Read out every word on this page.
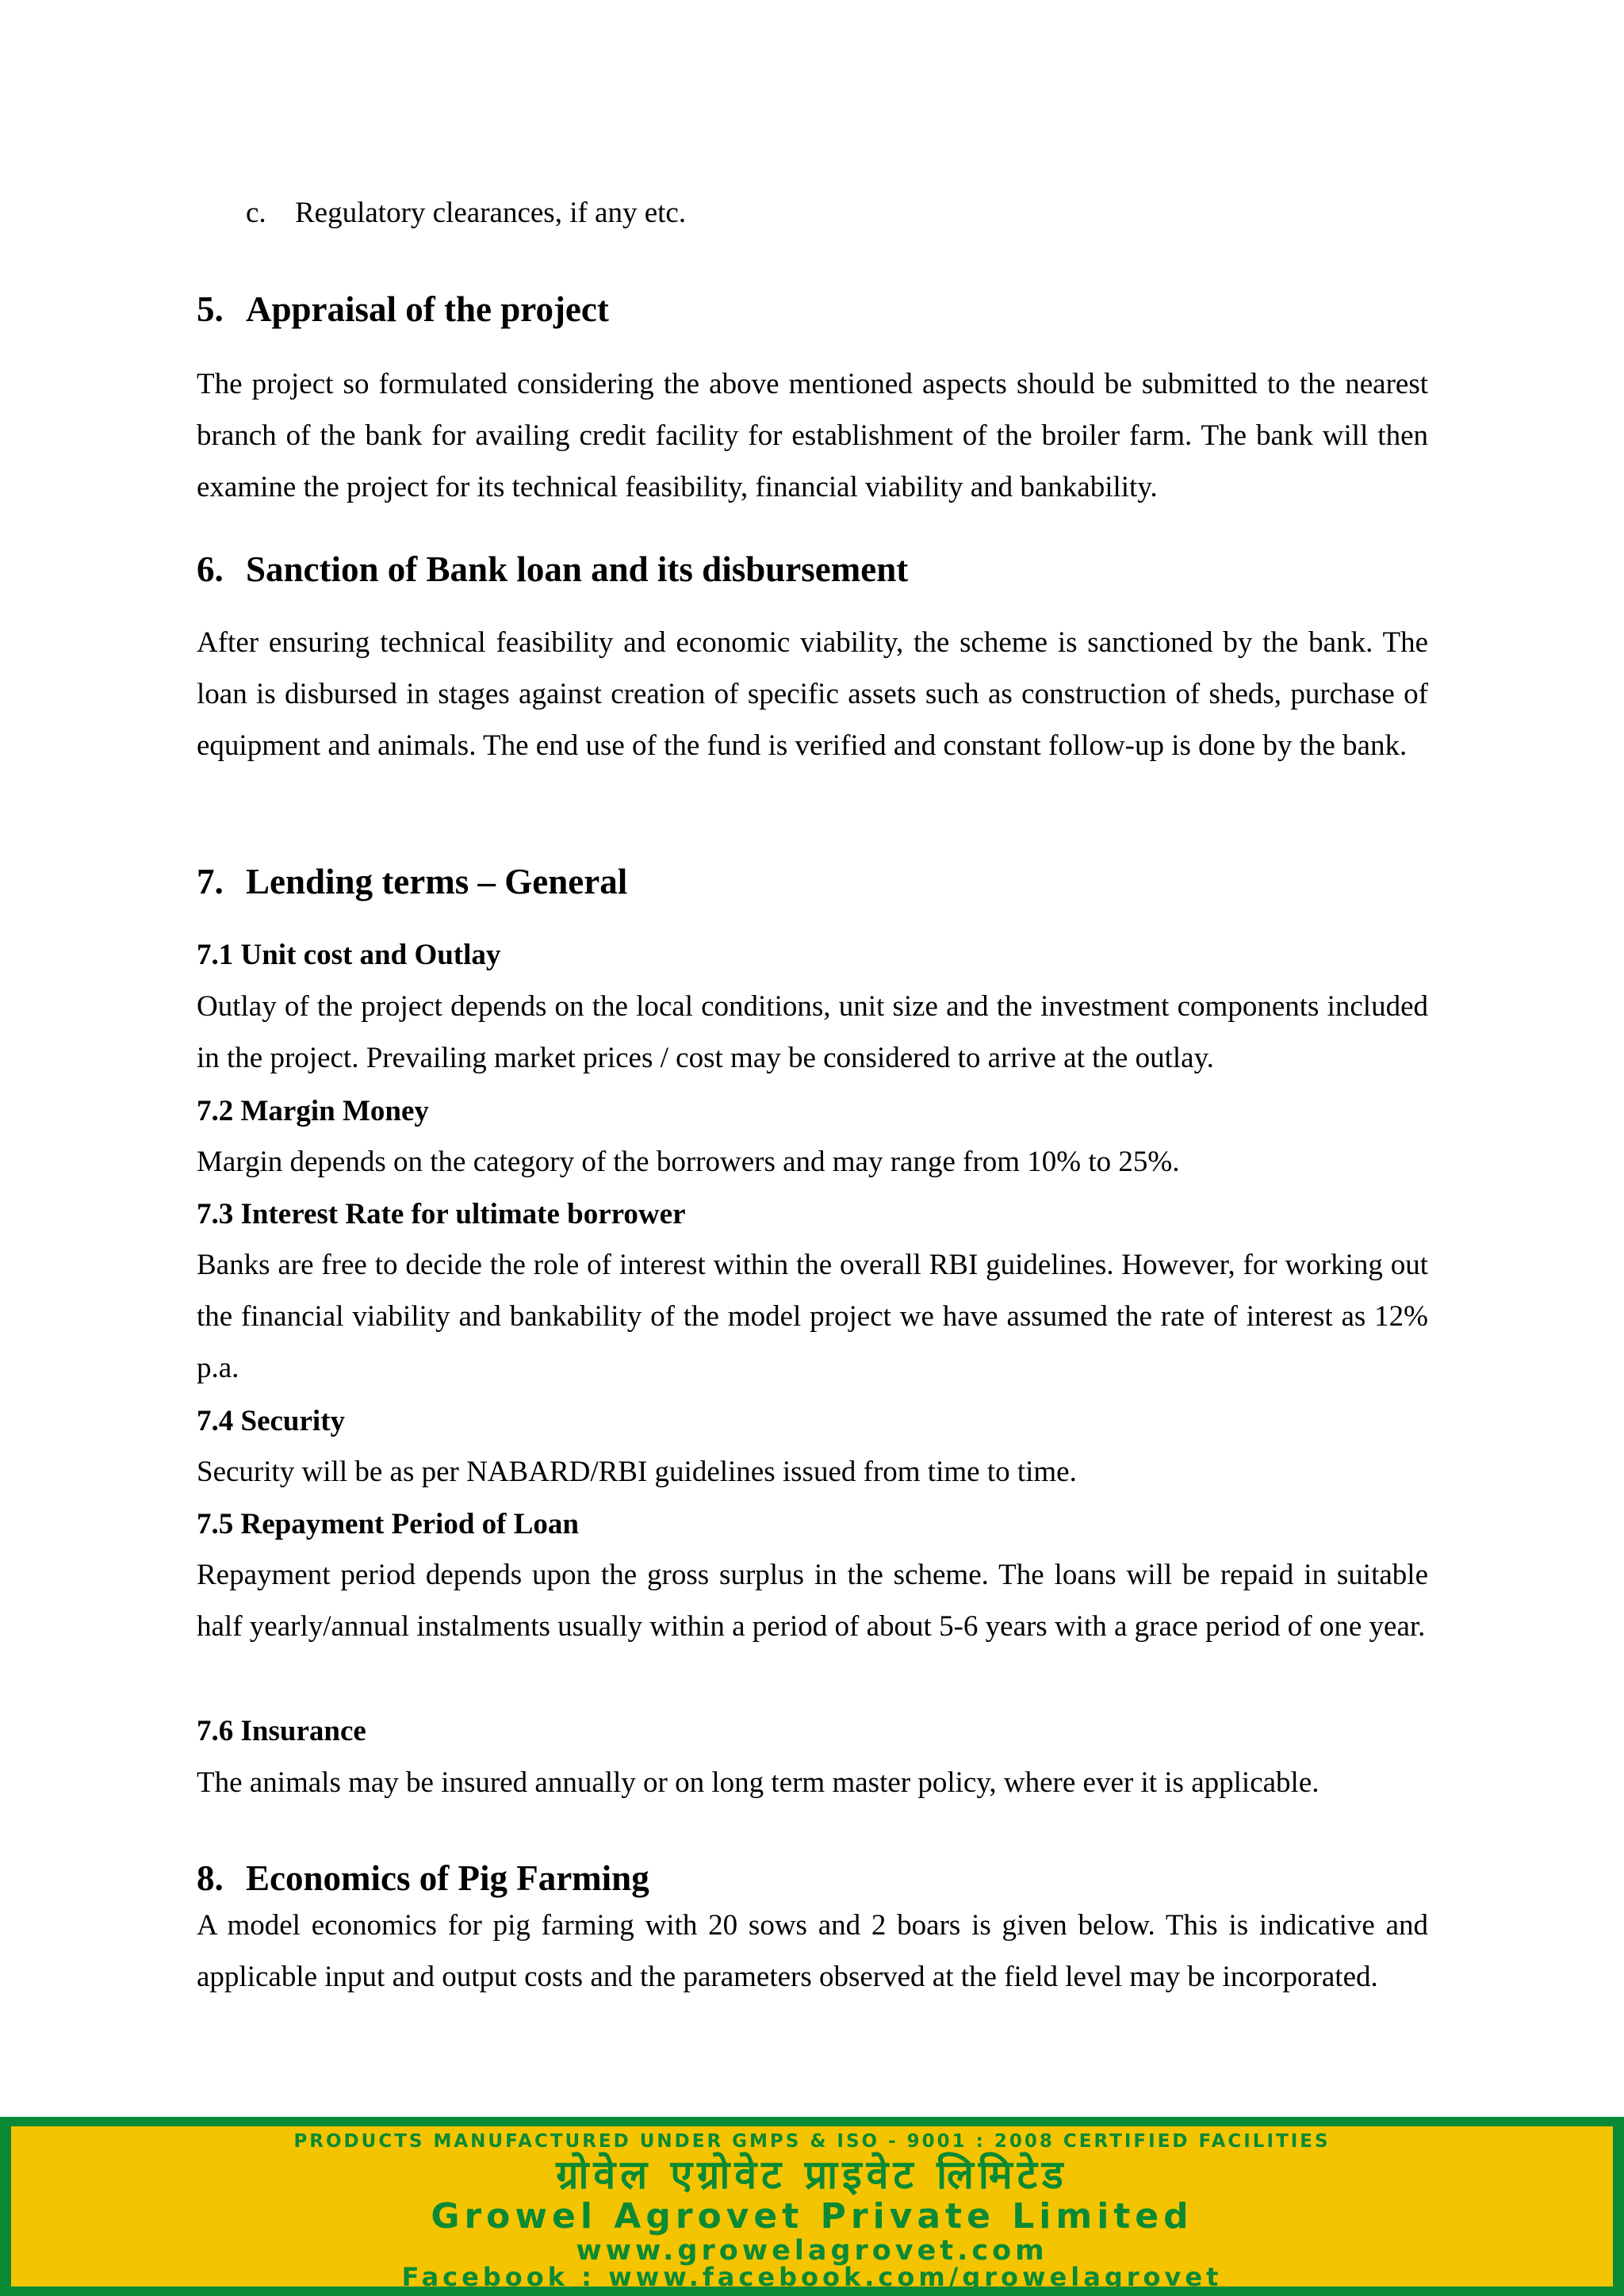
c. Regulatory clearances, if any etc.
5. Appraisal of the project
The project so formulated considering the above mentioned aspects should be submitted to the nearest branch of the bank for availing credit facility for establishment of the broiler farm. The bank will then examine the project for its technical feasibility, financial viability and bankability.
6. Sanction of Bank loan and its disbursement
After ensuring technical feasibility and economic viability, the scheme is sanctioned by the bank. The loan is disbursed in stages against creation of specific assets such as construction of sheds, purchase of equipment and animals. The end use of the fund is verified and constant follow-up is done by the bank.
7. Lending terms – General
7.1 Unit cost and Outlay
Outlay of the project depends on the local conditions, unit size and the investment components included in the project. Prevailing market prices / cost may be considered to arrive at the outlay.
7.2 Margin Money
Margin depends on the category of the borrowers and may range from 10% to 25%.
7.3 Interest Rate for ultimate borrower
Banks are free to decide the role of interest within the overall RBI guidelines. However, for working out the financial viability and bankability of the model project we have assumed the rate of interest as 12% p.a.
7.4 Security
Security will be as per NABARD/RBI guidelines issued from time to time.
7.5 Repayment Period of Loan
Repayment period depends upon the gross surplus in the scheme. The loans will be repaid in suitable half yearly/annual instalments usually within a period of about 5-6 years with a grace period of one year.
7.6 Insurance
The animals may be insured annually or on long term master policy, where ever it is applicable.
8. Economics of Pig Farming
A model economics for pig farming with 20 sows and 2 boars is given below. This is indicative and applicable input and output costs and the parameters observed at the field level may be incorporated.
PRODUCTS MANUFACTURED UNDER GMPS & ISO - 9001 : 2008 CERTIFIED FACILITIES
ग्रोवेल एग्रोवेट प्राइवेट लिमिटेड
Growel Agrovet Private Limited
www.growelagrovet.com
Facebook : www.facebook.com/growelagrovet
